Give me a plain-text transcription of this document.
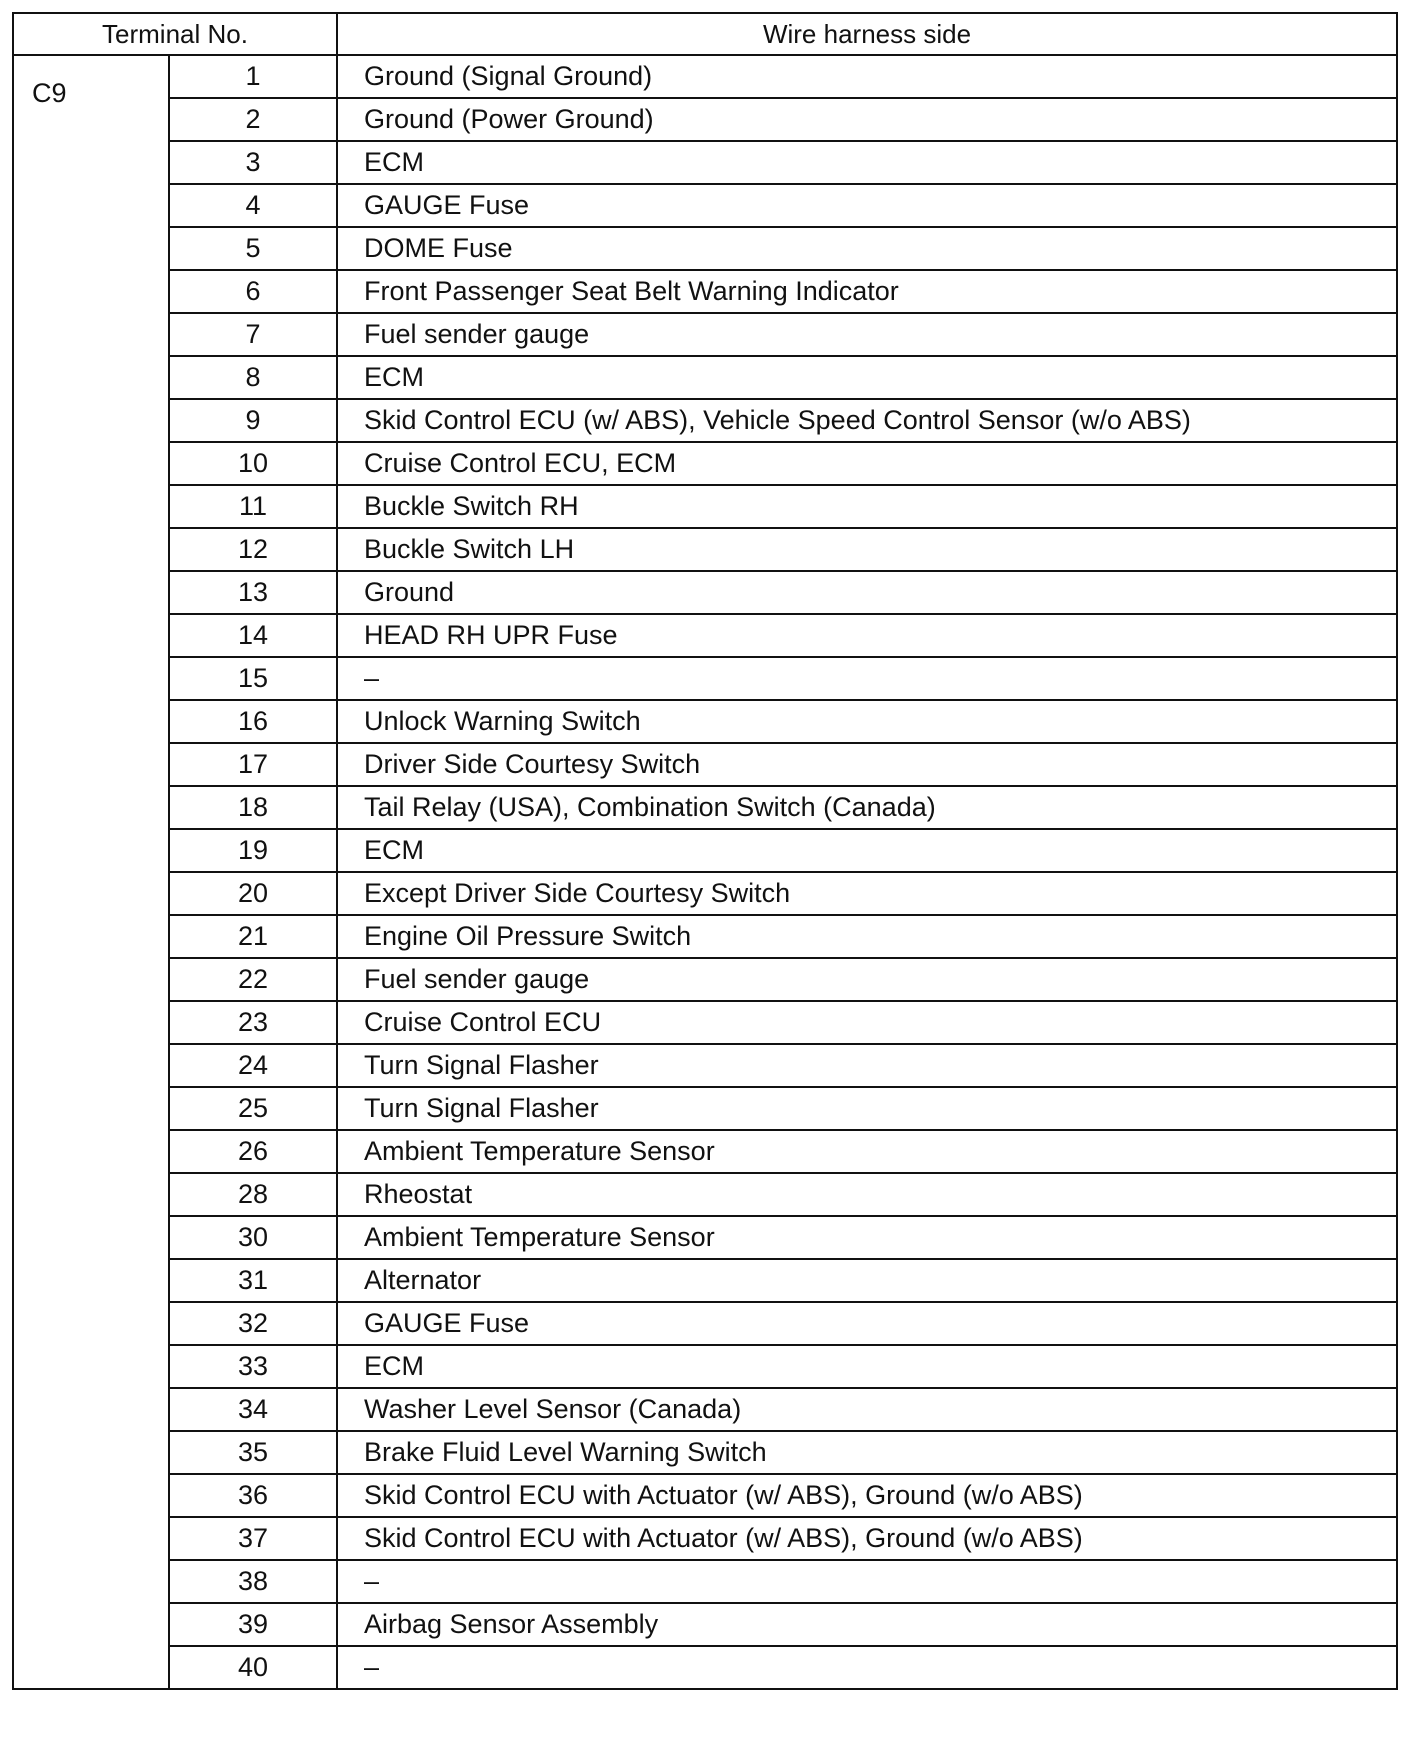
Terminal No.		Wire harness side
C9	1	Ground (Signal Ground)
	2	Ground (Power Ground)
	3	ECM
	4	GAUGE Fuse
	5	DOME Fuse
	6	Front Passenger Seat Belt Warning Indicator
	7	Fuel sender gauge
	8	ECM
	9	Skid Control ECU (w/ ABS), Vehicle Speed Control Sensor (w/o ABS)
	10	Cruise Control ECU, ECM
	11	Buckle Switch RH
	12	Buckle Switch LH
	13	Ground
	14	HEAD RH UPR Fuse
	15	–
	16	Unlock Warning Switch
	17	Driver Side Courtesy Switch
	18	Tail Relay (USA), Combination Switch (Canada)
	19	ECM
	20	Except Driver Side Courtesy Switch
	21	Engine Oil Pressure Switch
	22	Fuel sender gauge
	23	Cruise Control ECU
	24	Turn Signal Flasher
	25	Turn Signal Flasher
	26	Ambient Temperature Sensor
	28	Rheostat
	30	Ambient Temperature Sensor
	31	Alternator
	32	GAUGE Fuse
	33	ECM
	34	Washer Level Sensor (Canada)
	35	Brake Fluid Level Warning Switch
	36	Skid Control ECU with Actuator (w/ ABS), Ground (w/o ABS)
	37	Skid Control ECU with Actuator (w/ ABS), Ground (w/o ABS)
	38	–
	39	Airbag Sensor Assembly
	40	–
